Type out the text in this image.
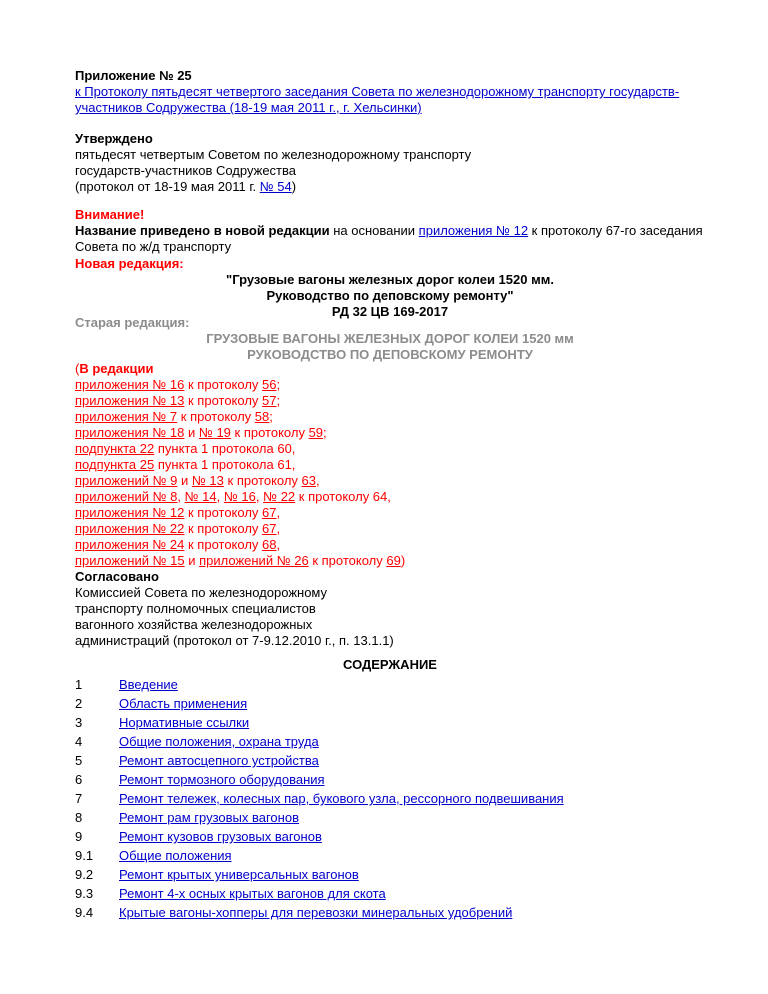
Приложение № 25
к Протоколу пятьдесят четвертого заседания Совета по железнодорожному транспорту государств-участников Содружества (18-19 мая 2011 г., г. Хельсинки)
Утверждено
пятьдесят четвертым Советом по железнодорожному транспорту
государств-участников Содружества
(протокол от 18-19 мая 2011 г. № 54)
Внимание!
Название приведено в новой редакции на основании приложения № 12 к протоколу 67-го заседания
Совета по ж/д транспорту
Новая редакция:
"Грузовые вагоны железных дорог колеи 1520 мм.
Руководство по деповскому ремонту"
РД 32 ЦВ 169-2017
Старая редакция:
ГРУЗОВЫЕ ВАГОНЫ ЖЕЛЕЗНЫХ ДОРОГ КОЛЕИ 1520 мм
РУКОВОДСТВО ПО ДЕПОВСКОМУ РЕМОНТУ
(В редакции
приложения № 16 к протоколу 56;
приложения № 13 к протоколу 57;
приложения № 7 к протоколу 58;
приложения № 18 и № 19 к протоколу 59;
подпункта 22 пункта 1 протокола 60,
подпункта 25 пункта 1 протокола 61,
приложений № 9 и № 13 к протоколу 63,
приложений № 8, № 14, № 16, № 22 к протоколу 64,
приложения № 12 к протоколу 67,
приложения № 22 к протоколу 67,
приложения № 24 к протоколу 68,
приложений № 15 и приложений № 26 к протоколу 69)
Согласовано
Комиссией Совета по железнодорожному
транспорту полномочных специалистов
вагонного хозяйства железнодорожных
администраций (протокол от 7-9.12.2010 г., п. 13.1.1)
СОДЕРЖАНИЕ
1	Введение
2	Область применения
3	Нормативные ссылки
4	Общие положения, охрана труда
5	Ремонт автосцепного устройства
6	Ремонт тормозного оборудования
7	Ремонт тележек, колесных пар, букового узла, рессорного подвешивания
8	Ремонт рам грузовых вагонов
9	Ремонт кузовов грузовых вагонов
9.1	Общие положения
9.2	Ремонт крытых универсальных вагонов
9.3	Ремонт 4-х осных крытых вагонов для скота
9.4	Крытые вагоны-хопперы для перевозки минеральных удобрений
